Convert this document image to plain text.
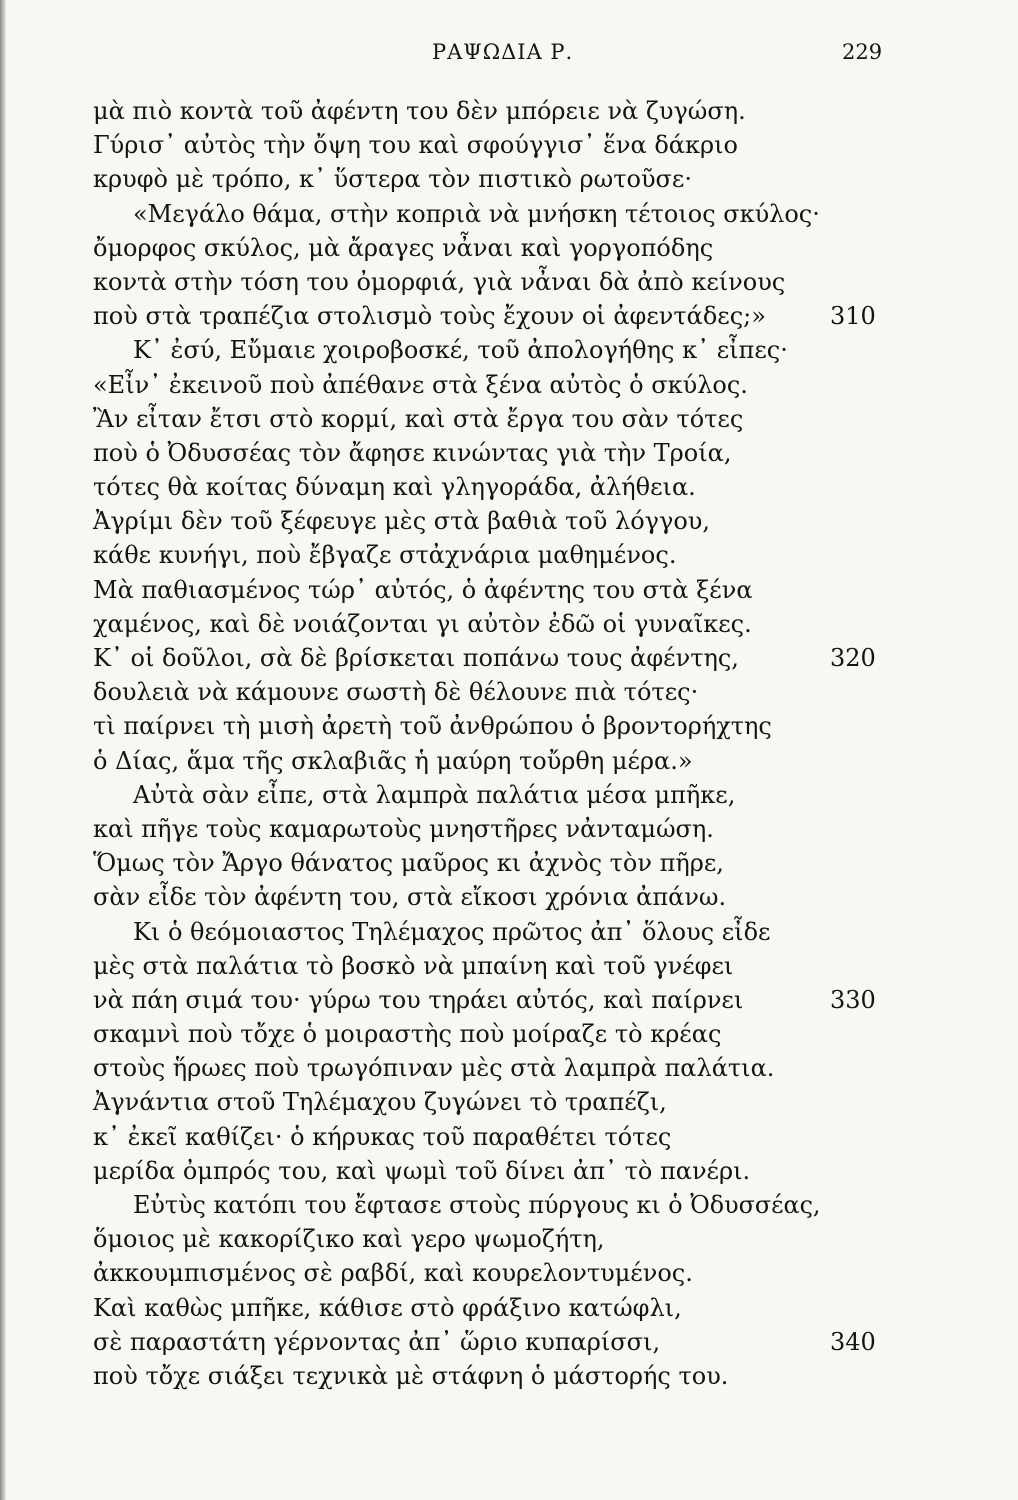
ΡΑΨΩΔΙΑ Ρ.	229
μὰ πιὸ κοντὰ τοῦ ἀφέντη του δὲν μπόρειε νὰ ζυγώση.
Γύρισ᾽ αὐτὸς τὴν ὄψη του καὶ σφούγγισ᾽ ἕνα δάκριο
κρυφὸ μὲ τρόπο, κ᾽ ὕστερα τὸν πιστικὸ ρωτοῦσε·
«Μεγάλο θάμα, στὴν κοπριὰ νὰ μνήσκη τέτοιος σκύλος·
ὄμορφος σκύλος, μὰ ἄραγες νἆναι καὶ γοργοπόδης
κοντὰ στὴν τόση του ὀμορφιά, γιὰ νἆναι δὰ ἀπὸ κείνους
ποὺ στὰ τραπέζια στολισμὸ τοὺς ἔχουν οἱ ἀφεντάδες;»	310
Κ᾽ ἐσύ, Εὔμαιε χοιροβοσκέ, τοῦ ἀπολογήθης κ᾽ εἶπες·
«Εἶν᾽ ἐκεινοῦ ποὺ ἀπέθανε στὰ ξένα αὐτὸς ὁ σκύλος.
Ἂν εἶταν ἔτσι στὸ κορμί, καὶ στὰ ἔργα του σὰν τότες
ποὺ ὁ Ὀδυσσέας τὸν ἄφησε κινώντας γιὰ τὴν Τροία,
τότες θὰ κοίτας δύναμη καὶ γληγοράδα, ἀλήθεια.
Ἀγρίμι δὲν τοῦ ξέφευγε μὲς στὰ βαθιὰ τοῦ λόγγου,
κάθε κυνήγι, ποὺ ἔβγαζε στἀχνάρια μαθημένος.
Μὰ παθιασμένος τώρ᾽ αὐτός, ὁ ἀφέντης του στὰ ξένα
χαμένος, καὶ δὲ νοιάζονται γι αὐτὸν ἐδῶ οἱ γυναῖκες.
Κ᾽ οἱ δοῦλοι, σὰ δὲ βρίσκεται ποπάνω τους ἀφέντης,	320
δουλειὰ νὰ κάμουνε σωστὴ δὲ θέλουνε πιὰ τότες·
τὶ παίρνει τὴ μισὴ ἀρετὴ τοῦ ἀνθρώπου ὁ βροντορήχτης
ὁ Δίας, ἅμα τῆς σκλαβιᾶς ἡ μαύρη τοὔρθη μέρα.»
Αὐτὰ σὰν εἶπε, στὰ λαμπρὰ παλάτια μέσα μπῆκε,
καὶ πῆγε τοὺς καμαρωτοὺς μνηστῆρες νἀνταμώση.
Ὅμως τὸν Ἄργο θάνατος μαῦρος κι ἀχνὸς τὸν πῆρε,
σὰν εἶδε τὸν ἀφέντη του, στὰ εἴκοσι χρόνια ἀπάνω.
Κι ὁ θεόμοιαστος Τηλέμαχος πρῶτος ἀπ᾽ ὅλους εἶδε
μὲς στὰ παλάτια τὸ βοσκὸ νὰ μπαίνη καὶ τοῦ γνέφει
νὰ πάη σιμά του· γύρω του τηράει αὐτός, καὶ παίρνει	330
σκαμνὶ ποὺ τὄχε ὁ μοιραστὴς ποὺ μοίραζε τὸ κρέας
στοὺς ἥρωες ποὺ τρωγόπιναν μὲς στὰ λαμπρὰ παλάτια.
Ἀγνάντια στοῦ Τηλέμαχου ζυγώνει τὸ τραπέζι,
κ᾽ ἐκεῖ καθίζει· ὁ κήρυκας τοῦ παραθέτει τότες
μερίδα ὀμπρός του, καὶ ψωμὶ τοῦ δίνει ἀπ᾽ τὸ πανέρι.
Εὐτὺς κατόπι του ἔφτασε στοὺς πύργους κι ὁ Ὀδυσσέας,
ὅμοιος μὲ κακορίζικο καὶ γερο ψωμοζήτη,
ἀκκουμπισμένος σὲ ραβδί, καὶ κουρελοντυμένος.
Καὶ καθὼς μπῆκε, κάθισε στὸ φράξινο κατώφλι,
σὲ παραστάτη γέρνοντας ἀπ᾽ ὥριο κυπαρίσσι,	340
ποὺ τὄχε σιάξει τεχνικὰ μὲ στάφνη ὁ μάστορής του.
